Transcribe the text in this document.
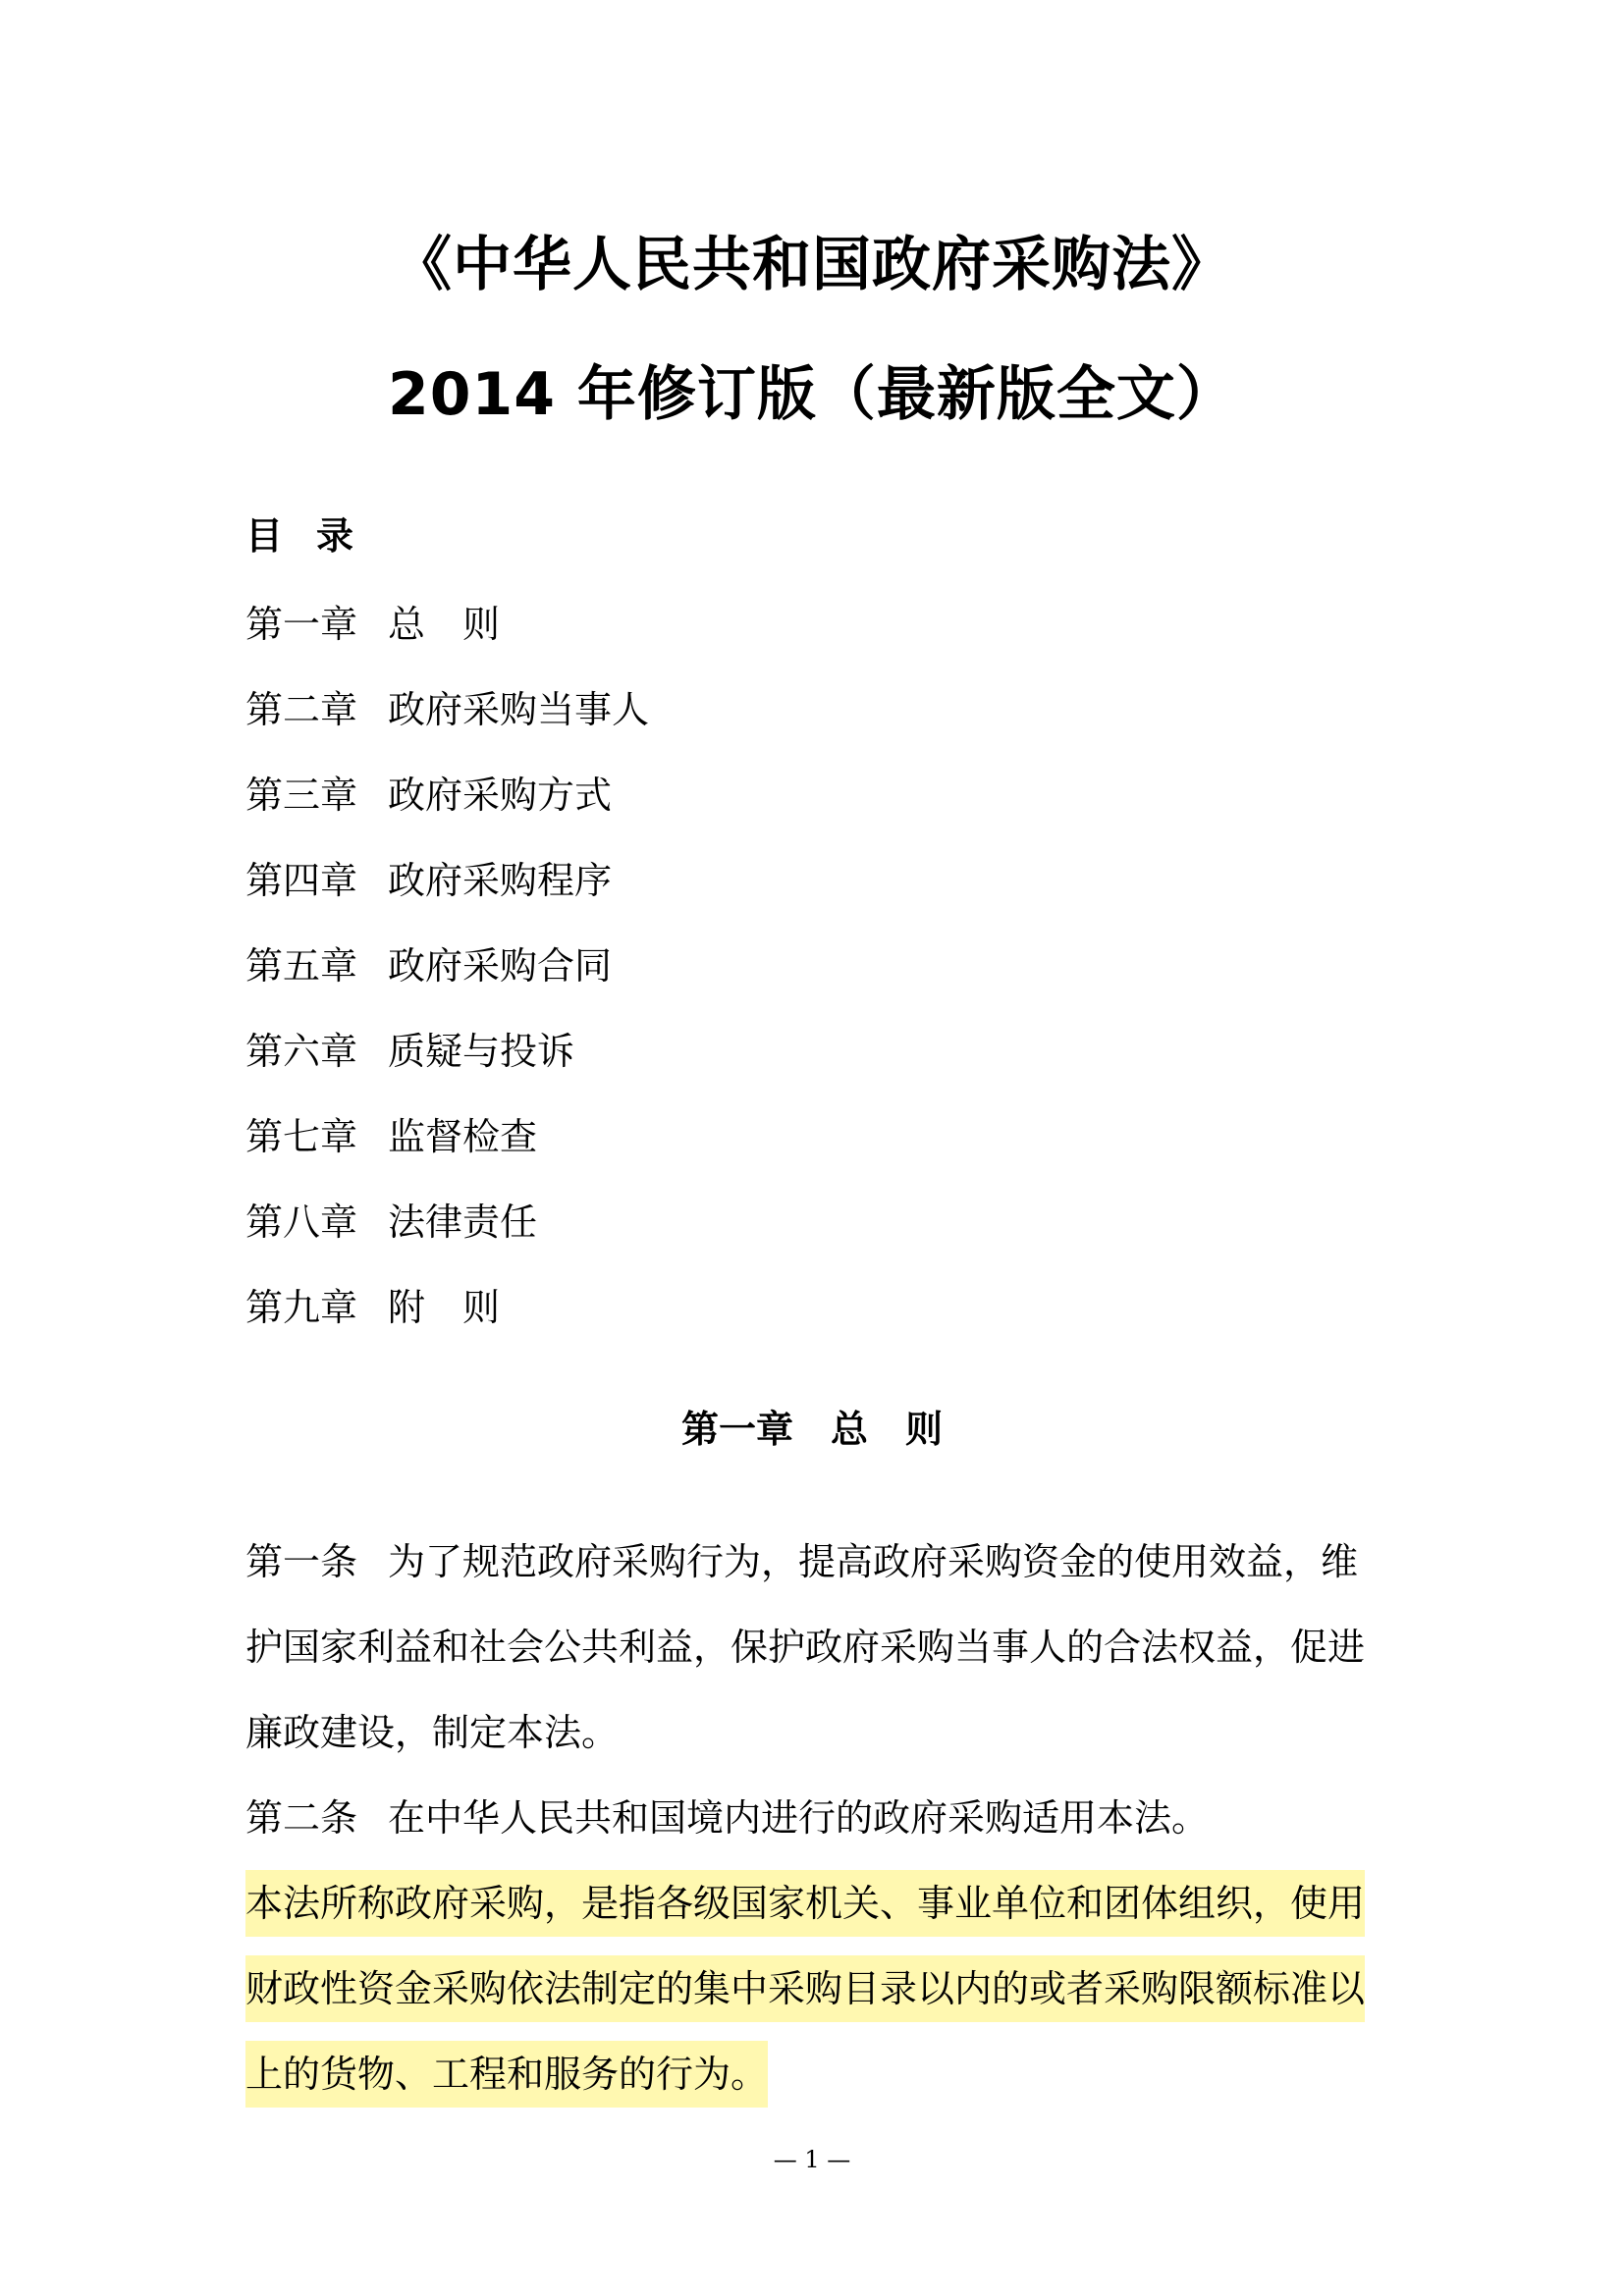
《中华人民共和国政府采购法》
2014 年修订版（最新版全文）
目 录
第一章 总　则
第二章 政府采购当事人
第三章 政府采购方式
第四章 政府采购程序
第五章 政府采购合同
第六章 质疑与投诉
第七章 监督检查
第八章 法律责任
第九章 附　则
第一章　总　则

第一条 为了规范政府采购行为，提高政府采购资金的使用效益，维护国家利益和社会公共利益，保护政府采购当事人的合法权益，促进廉政建设，制定本法。

第二条 在中华人民共和国境内进行的政府采购适用本法。

本法所称政府采购，是指各级国家机关、事业单位和团体组织，使用财政性资金采购依法制定的集中采购目录以内的或者采购限额标准以上的货物、工程和服务的行为。

— 1 —
